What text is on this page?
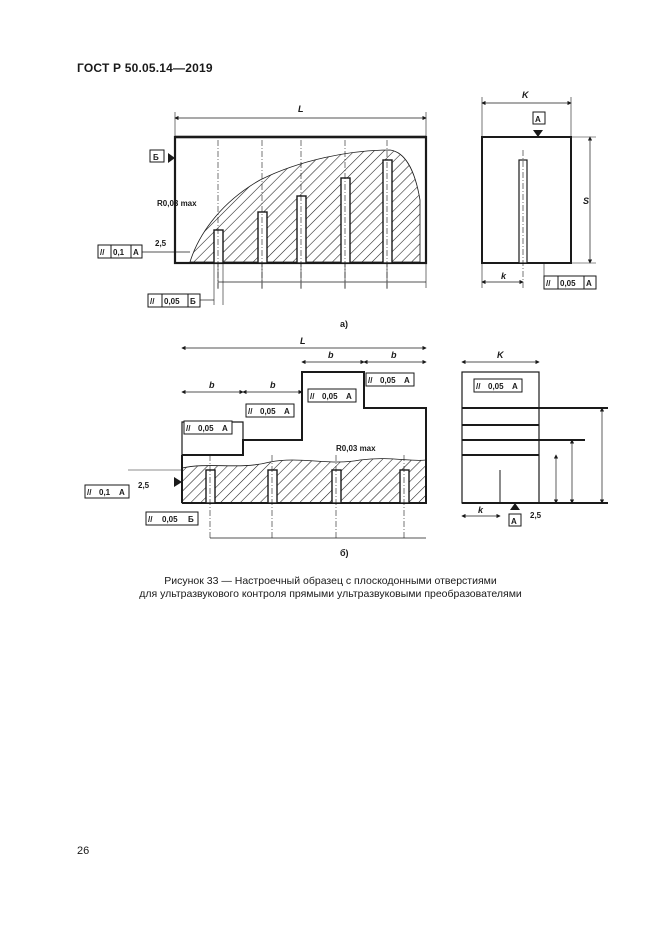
ГОСТ Р 50.05.14—2019
L
R0,03 max
2,5
а)
Б
// 0,1 А
// 0,05 Б
K
S
k
А
// 0,05 А
L
b	b
b	b
R0,03 max
2,5
б)
// 0,1 А
// 0,05 Б
// 0,05 А
// 0,05 А
// 0,05 А
// 0,05 А
K
k
А
2,5
// 0,05 А
Рисунок 33 — Настроечный образец с плоскодонными отверстиями
для ультразвукового контроля прямыми ультразвуковыми преобразователями
26
